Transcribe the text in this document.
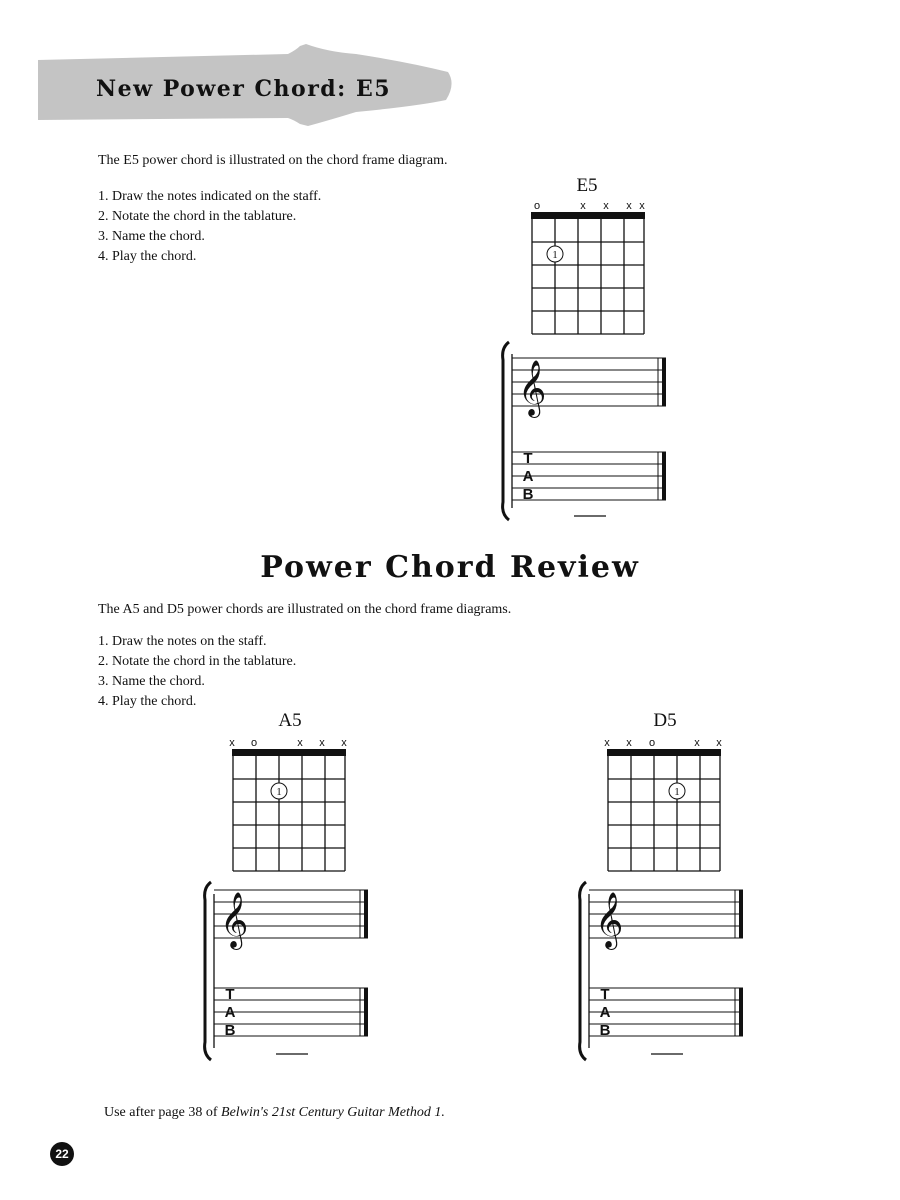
New Power Chord: E5
The E5 power chord is illustrated on the chord frame diagram.
1. Draw the notes indicated on the staff.
2. Notate the chord in the tablature.
3. Name the chord.
4. Play the chord.
E5
o	x x x x
1
𝄞
T
A
B
Power Chord Review
The A5 and D5 power chords are illustrated on the chord frame diagrams.
1. Draw the notes on the staff.
2. Notate the chord in the tablature.
3. Name the chord.
4. Play the chord.
A5
x o	x x x
1
𝄞
T
A
B
D5
x x o	x x
1
𝄞
T
A
B
Use after page 38 of Belwin's 21st Century Guitar Method 1.
22
